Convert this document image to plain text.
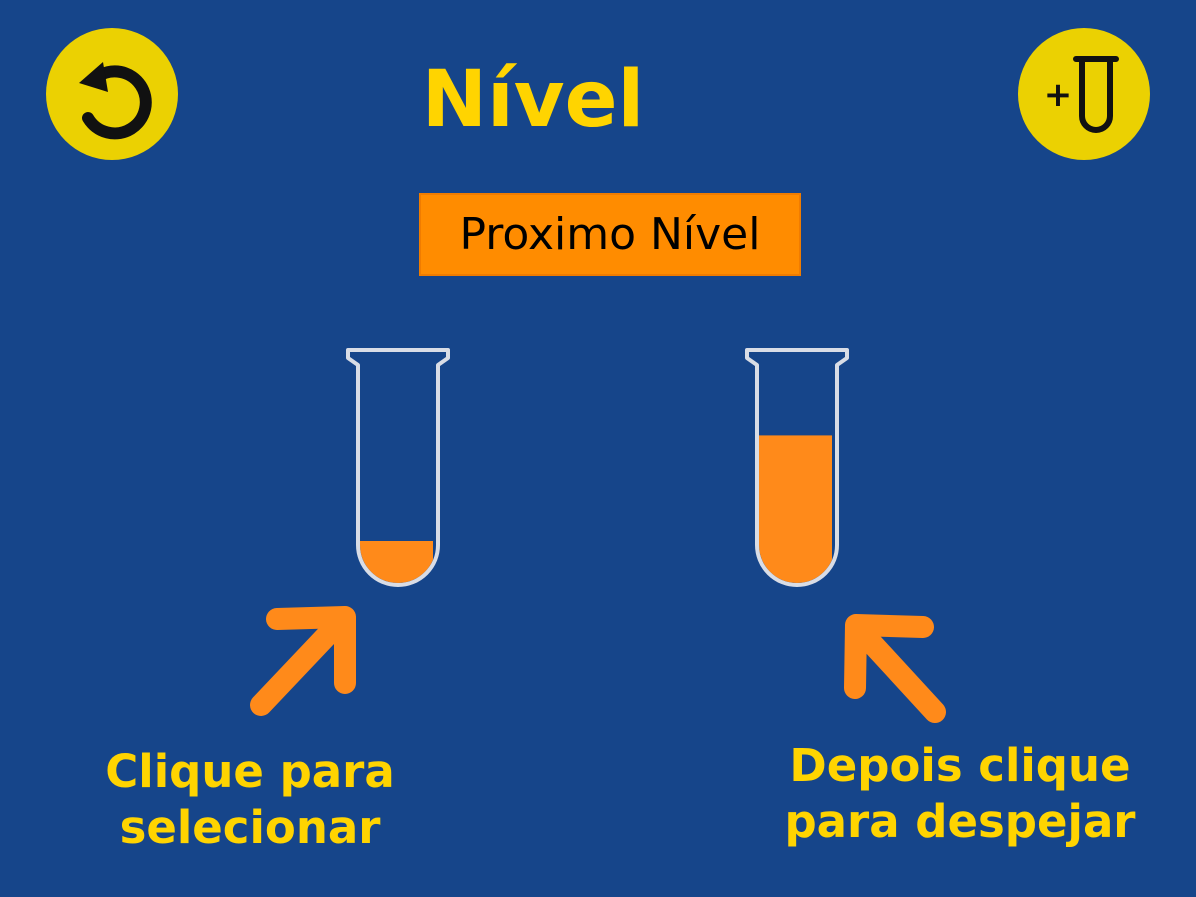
Nível	+
Proximo Nível
Clique para
selecionar
Depois clique
para despejar
